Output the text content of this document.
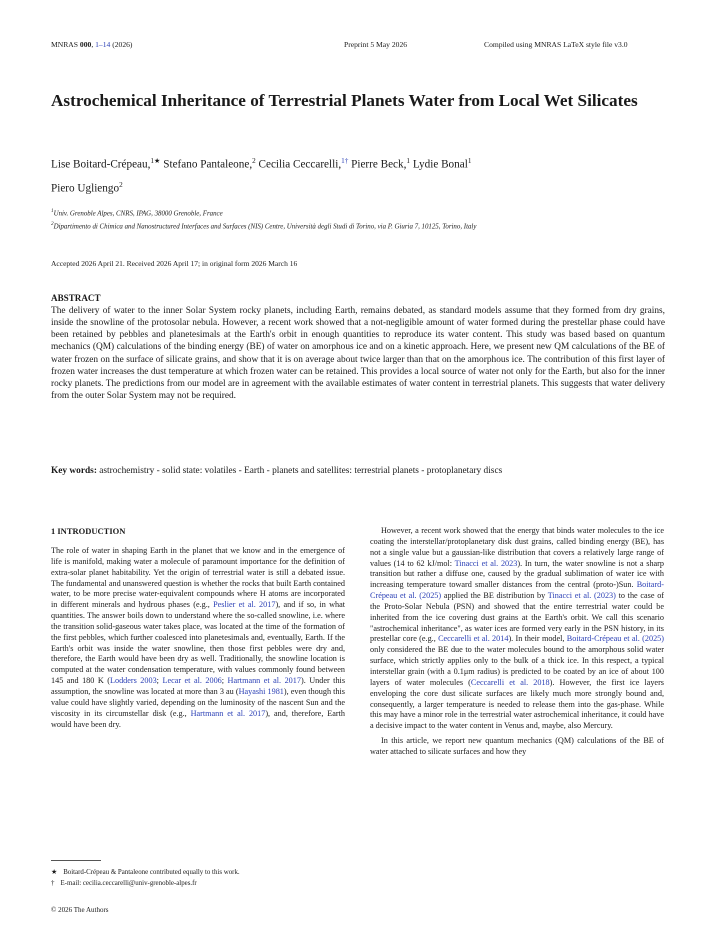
MNRAS 000, 1–14 (2026)	Preprint 5 May 2026	Compiled using MNRAS LaTeX style file v3.0
Astrochemical Inheritance of Terrestrial Planets Water from Local Wet Silicates
Lise Boitard-Crépeau,$^{1★}$ Stefano Pantaleone,$^2$ Cecilia Ceccarelli,$^{1\dagger}$ Pierre Beck,$^1$ Lydie Bonal$^1$
Piero Ugliengo$^2$
$^1$Univ. Grenoble Alpes, CNRS, IPAG, 38000 Grenoble, France
$^2$Dipartimento di Chimica and Nanostructured Interfaces and Surfaces (NIS) Centre, Università degli Studi di Torino, via P. Giuria 7, 10125, Torino, Italy
Accepted 2026 April 21. Received 2026 April 17; in original form 2026 March 16
ABSTRACT

The delivery of water to the inner Solar System rocky planets, including Earth, remains debated, as standard models assume that they formed from dry grains, inside the snowline of the protosolar nebula. However, a recent work showed that a not-negligible amount of water formed during the prestellar phase could have been retained by pebbles and planetesimals at the Earth's orbit in enough quantities to reproduce its water content. This study was based based on quantum mechanics (QM) calculations of the binding energy (BE) of water on amorphous ice and on a kinetic approach. Here, we present new QM calculations of the BE of water frozen on the surface of silicate grains, and show that it is on average about twice larger than that on the amorphous ice. The contribution of this first layer of frozen water increases the dust temperature at which frozen water can be retained. This provides a local source of water not only for the Earth, but also for the inner rocky planets. The predictions from our model are in agreement with the available estimates of water content in terrestrial planets. This suggests that water delivery from the outer Solar System may not be required.

Key words: astrochemistry - solid state: volatiles - Earth - planets and satellites: terrestrial planets - protoplanetary discs
1 INTRODUCTION

The role of water in shaping Earth in the planet that we know and in the emergence of life is manifold, making water a molecule of paramount importance for the definition of extra-solar planet habitability. Yet the origin of terrestrial water is still a debated issue. The fundamental and unanswered question is whether the rocks that built Earth contained water, to be more precise water-equivalent compounds where H atoms are incorporated in different minerals and hydrous phases (e.g., Peslier et al. 2017), and if so, in what quantities. The answer boils down to understand where the so-called snowline, i.e. where the transition solid-gaseous water takes place, was located at the time of the formation of the first pebbles, which further coalesced into planetesimals and, eventually, Earth. If the Earth's orbit was inside the water snowline, then those first pebbles were dry and, therefore, the Earth would have been dry as well. Traditionally, the snowline location is computed at the water condensation temperature, with values commonly found between 145 and 180 K (Lodders 2003; Lecar et al. 2006; Hartmann et al. 2017). Under this assumption, the snowline was located at more than 3 au (Hayashi 1981), even though this value could have slightly varied, depending on the luminosity of the nascent Sun and the viscosity in its circumstellar disk (e.g., Hartmann et al. 2017), and, therefore, Earth would have been dry.

However, a recent work showed that the energy that binds water molecules to the ice coating the interstellar/protoplanetary disk dust grains, called binding energy (BE), has not a single value but a gaussian-like distribution that covers a relatively large range of values (14 to 62 kJ/mol: Tinacci et al. 2023). In turn, the water snowline is not a sharp transition but rather a diffuse one, caused by the gradual sublimation of water ice with increasing temperature toward smaller distances from the central (proto-)Sun. Boitard-Crépeau et al. (2025) applied the BE distribution by Tinacci et al. (2023) to the case of the Proto-Solar Nebula (PSN) and showed that the entire terrestrial water could be inherited from the ice covering dust grains at the Earth's orbit. We call this scenario "astrochemical inheritance", as water ices are formed very early in the PSN history, in its prestellar core (e.g., Ceccarelli et al. 2014). In their model, Boitard-Crépeau et al. (2025) only considered the BE due to the water molecules bound to the amorphous solid water surface, which strictly applies only to the bulk of a thick ice. In this respect, a typical interstellar grain (with a 0.1μm radius) is predicted to be coated by an ice of about 100 layers of water molecules (Ceccarelli et al. 2018). However, the first ice layers enveloping the core dust silicate surfaces are likely much more strongly bound and, consequently, a larger temperature is needed to release them into the gas-phase. While this may have a minor role in the terrestrial water astrochemical inheritance, it could have a decisive impact to the water content in Venus and, maybe, also Mercury.

In this article, we report new quantum mechanics (QM) calculations of the BE of water attached to silicate surfaces and how they

★ Boitard-Crépeau & Pantaleone contributed equally to this work.
† E-mail: cecilia.ceccarelli@univ-grenoble-alpes.fr
© 2026 The Authors
